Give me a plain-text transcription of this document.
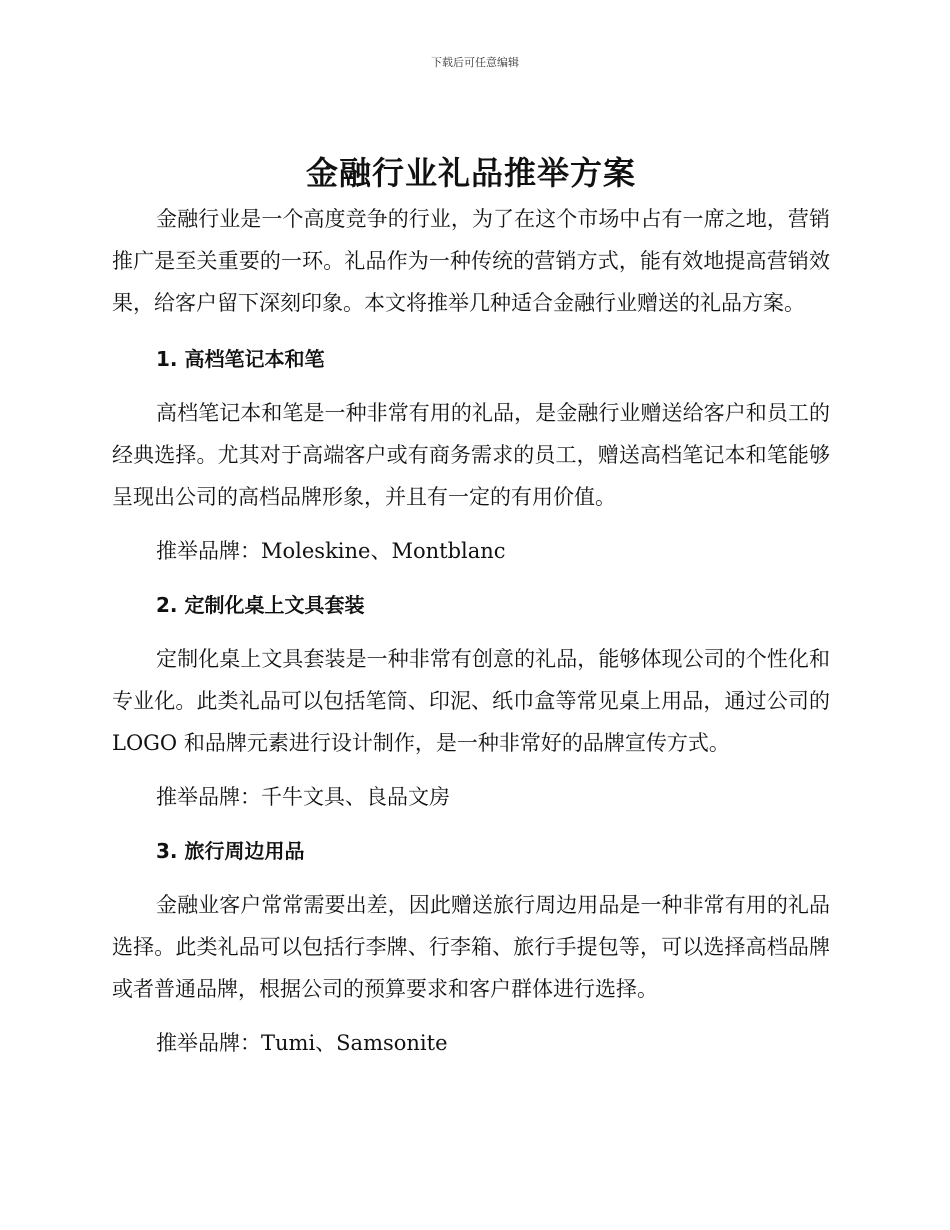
下载后可任意编辑
金融行业礼品推举方案

金融行业是一个高度竞争的行业，为了在这个市场中占有一席之地，营销推广是至关重要的一环。礼品作为一种传统的营销方式，能有效地提高营销效果，给客户留下深刻印象。本文将推举几种适合金融行业赠送的礼品方案。

1. 高档笔记本和笔

高档笔记本和笔是一种非常有用的礼品，是金融行业赠送给客户和员工的经典选择。尤其对于高端客户或有商务需求的员工，赠送高档笔记本和笔能够呈现出公司的高档品牌形象，并且有一定的有用价值。

推举品牌：Moleskine、Montblanc

2. 定制化桌上文具套装

定制化桌上文具套装是一种非常有创意的礼品，能够体现公司的个性化和专业化。此类礼品可以包括笔筒、印泥、纸巾盒等常见桌上用品，通过公司的 LOGO 和品牌元素进行设计制作，是一种非常好的品牌宣传方式。

推举品牌：千牛文具、良品文房

3. 旅行周边用品

金融业客户常常需要出差，因此赠送旅行周边用品是一种非常有用的礼品选择。此类礼品可以包括行李牌、行李箱、旅行手提包等，可以选择高档品牌或者普通品牌，根据公司的预算要求和客户群体进行选择。

推举品牌：Tumi、Samsonite
